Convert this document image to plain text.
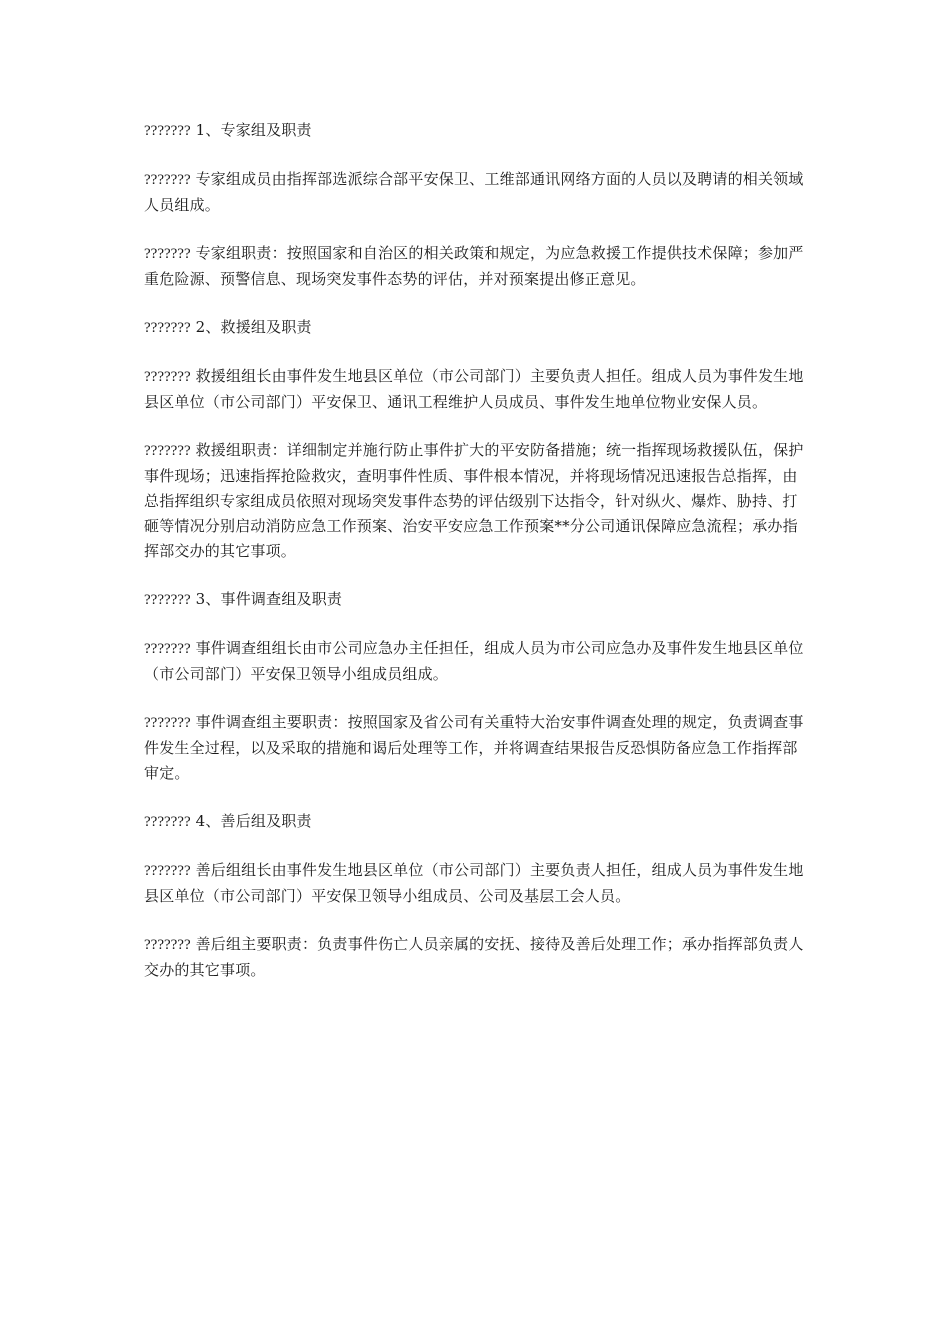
??????? 1、专家组及职责

??????? 专家组成员由指挥部选派综合部平安保卫、工维部通讯网络方面的人员以及聘请的相关领域人员组成。

??????? 专家组职责：按照国家和自治区的相关政策和规定，为应急救援工作提供技术保障；参加严重危险源、预警信息、现场突发事件态势的评估，并对预案提出修正意见。

??????? 2、救援组及职责

??????? 救援组组长由事件发生地县区单位（市公司部门）主要负责人担任。组成人员为事件发生地县区单位（市公司部门）平安保卫、通讯工程维护人员成员、事件发生地单位物业安保人员。

??????? 救援组职责：详细制定并施行防止事件扩大的平安防备措施；统一指挥现场救援队伍，保护事件现场；迅速指挥抢险救灾，查明事件性质、事件根本情况，并将现场情况迅速报告总指挥，由总指挥组织专家组成员依照对现场突发事件态势的评估级别下达指令，针对纵火、爆炸、胁持、打砸等情况分别启动消防应急工作预案、治安平安应急工作预案**分公司通讯保障应急流程；承办指挥部交办的其它事项。

??????? 3、事件调查组及职责

??????? 事件调查组组长由市公司应急办主任担任，组成人员为市公司应急办及事件发生地县区单位（市公司部门）平安保卫领导小组成员组成。

??????? 事件调查组主要职责：按照国家及省公司有关重特大治安事件调查处理的规定，负责调查事件发生全过程，以及采取的措施和谒后处理等工作，并将调查结果报告反恐惧防备应急工作指挥部审定。

??????? 4、善后组及职责

??????? 善后组组长由事件发生地县区单位（市公司部门）主要负责人担任，组成人员为事件发生地县区单位（市公司部门）平安保卫领导小组成员、公司及基层工会人员。

??????? 善后组主要职责：负责事件伤亡人员亲属的安抚、接待及善后处理工作；承办指挥部负责人交办的其它事项。
